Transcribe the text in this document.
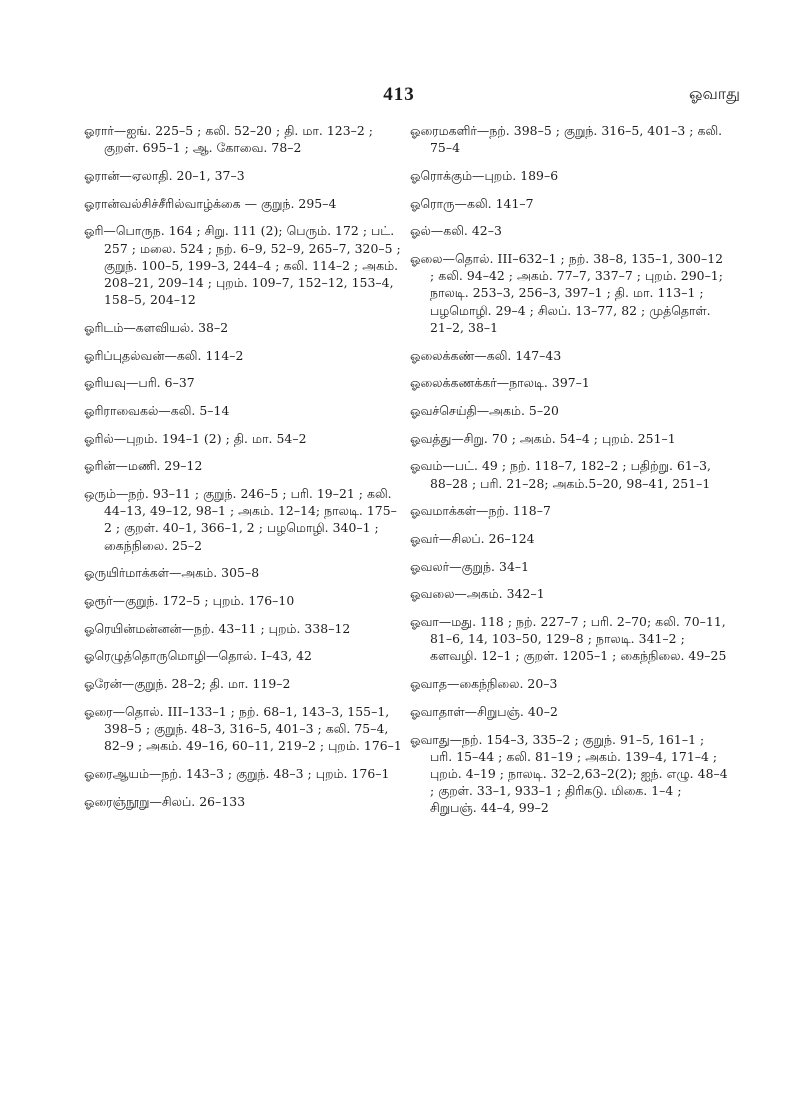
413	ஓவாது

ஓரார்—ஐங். 225–5 ; கலி. 52–20 ; தி. மா. 123–2 ; குறள். 695–1 ; ஆ. கோவை. 78–2

ஓரான்—ஏலாதி. 20–1, 37–3

ஓரான்வல்சிச்சீரில்வாழ்க்கை — குறுந். 295–4

ஓரி—பொருந. 164 ; சிறு. 111 (2); பெரும். 172 ; பட். 257 ; மலை. 524 ; நற். 6–9, 52–9, 265–7, 320–5 ; குறுந். 100–5, 199–3, 244–4 ; கலி. 114–2 ; அகம். 208–21, 209–14 ; புறம். 109–7, 152–12, 153–4, 158–5, 204–12

ஓரிடம்—களவியல். 38–2

ஓரிப்புதல்வன்—கலி. 114–2

ஓரியவு—பரி. 6–37

ஓரிராவைகல்—கலி. 5–14

ஓரில்—புறம். 194–1 (2) ; தி. மா. 54–2

ஓரின்—மணி. 29–12

ஒரும்—நற். 93–11 ; குறுந். 246–5 ; பரி. 19–21 ; கலி. 44–13, 49–12, 98–1 ; அகம். 12–14; நாலடி. 175–2 ; குறள். 40–1, 366–1, 2 ; பழமொழி. 340–1 ; கைந்நிலை. 25–2

ஓருயிர்மாக்கள்—அகம். 305–8

ஓரூர்—குறுந். 172–5 ; புறம். 176–10

ஓரெயின்மன்னன்—நற். 43–11 ; புறம். 338–12

ஓரெழுத்தொருமொழி—தொல். I–43, 42

ஓரேன்—குறுந். 28–2; தி. மா. 119–2

ஓரை—தொல். III–133–1 ; நற். 68–1, 143–3, 155–1, 398–5 ; குறுந். 48–3, 316–5, 401–3 ; கலி. 75–4, 82–9 ; அகம். 49–16, 60–11, 219–2 ; புறம். 176–1

ஓரைஆயம்—நற். 143–3 ; குறுந். 48–3 ; புறம். 176–1

ஓரைஞ்நூறு—சிலப். 26–133

ஓரைமகளிர்—நற். 398–5 ; குறுந். 316–5, 401–3 ; கலி. 75–4

ஓரொக்கும்—புறம். 189–6

ஓரொரு—கலி. 141–7

ஓல்—கலி. 42–3

ஓலை—தொல். III–632–1 ; நற். 38–8, 135–1, 300–12 ; கலி. 94–42 ; அகம். 77–7, 337–7 ; புறம். 290–1; நாலடி. 253–3, 256–3, 397–1 ; தி. மா. 113–1 ; பழமொழி. 29–4 ; சிலப். 13–77, 82 ; முத்தொள். 21–2, 38–1

ஓலைக்கண்—கலி. 147–43

ஓலைக்கணக்கர்—நாலடி. 397–1

ஓவச்செய்தி—அகம். 5–20

ஓவத்து—சிறு. 70 ; அகம். 54–4 ; புறம். 251–1

ஓவம்—பட். 49 ; நற். 118–7, 182–2 ; பதிற்று. 61–3, 88–28 ; பரி. 21–28; அகம்.5–20, 98–41, 251–1

ஓவமாக்கள்—நற். 118–7

ஓவர்—சிலப். 26–124

ஓவலர்—குறுந். 34–1

ஓவலை—அகம். 342–1

ஓவா—மது. 118 ; நற். 227–7 ; பரி. 2–70; கலி. 70–11, 81–6, 14, 103–50, 129–8 ; நாலடி. 341–2 ; களவழி. 12–1 ; குறள். 1205–1 ; கைந்நிலை. 49–25

ஓவாத—கைந்நிலை. 20–3

ஓவாதாள்—சிறுபஞ். 40–2

ஓவாது—நற். 154–3, 335–2 ; குறுந். 91–5, 161–1 ; பரி. 15–44 ; கலி. 81–19 ; அகம். 139–4, 171–4 ; புறம். 4–19 ; நாலடி. 32–2,63–2(2); ஐந். எழு. 48–4 ; குறள். 33–1, 933–1 ; திரிகடு. மிகை. 1–4 ; சிறுபஞ். 44–4, 99–2
